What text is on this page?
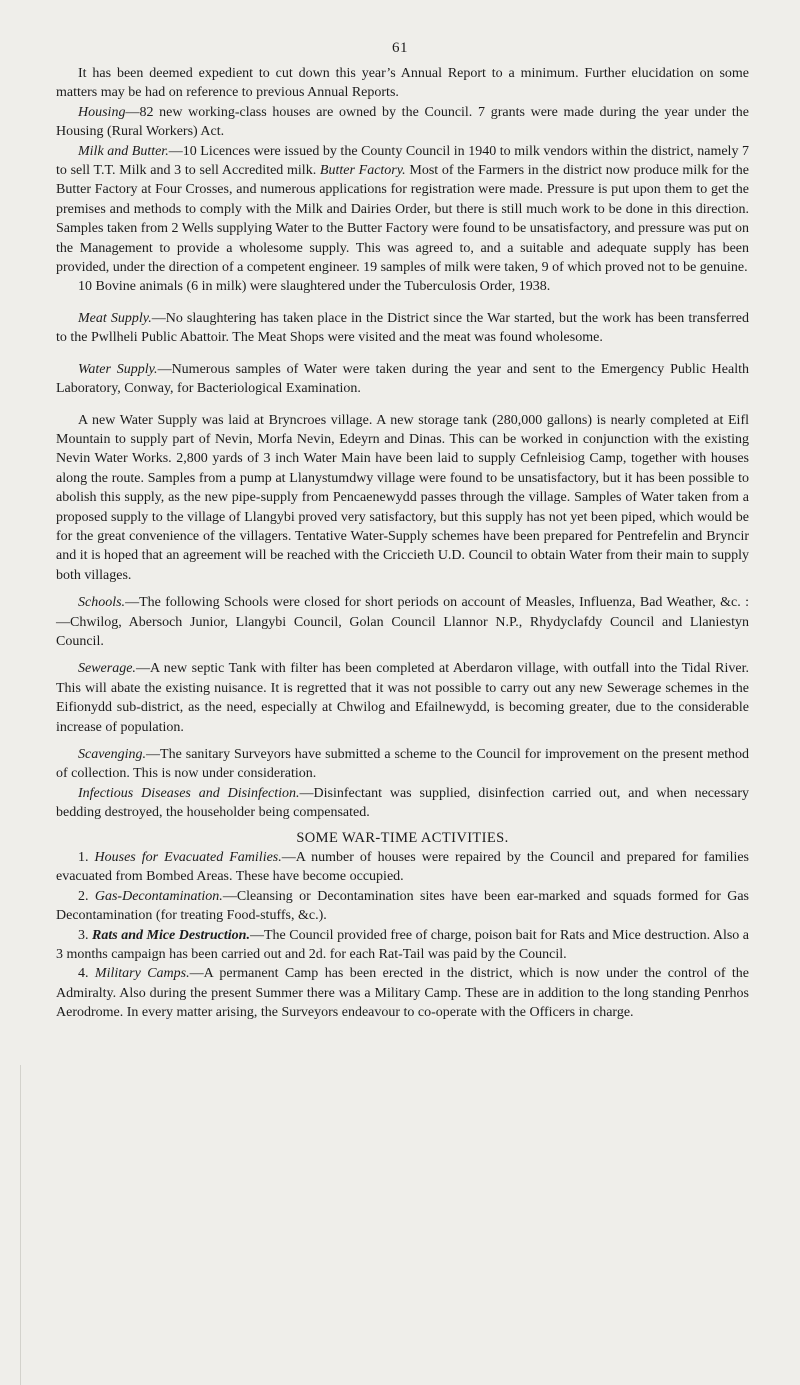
61

It has been deemed expedient to cut down this year’s Annual Report to a minimum. Further elucidation on some matters may be had on reference to previous Annual Reports.

Housing—82 new working-class houses are owned by the Council. 7 grants were made during the year under the Housing (Rural Workers) Act.

Milk and Butter.—10 Licences were issued by the County Council in 1940 to milk vendors within the district, namely 7 to sell T.T. Milk and 3 to sell Accredited milk. Butter Factory. Most of the Farmers in the district now produce milk for the Butter Factory at Four Crosses, and numerous applications for registration were made. Pressure is put upon them to get the premises and methods to comply with the Milk and Dairies Order, but there is still much work to be done in this direction. Samples taken from 2 Wells supplying Water to the Butter Factory were found to be unsatisfactory, and pressure was put on the Management to provide a wholesome supply. This was agreed to, and a suitable and adequate supply has been provided, under the direction of a competent engineer. 19 samples of milk were taken, 9 of which proved not to be genuine.

10 Bovine animals (6 in milk) were slaughtered under the Tuberculosis Order, 1938.

Meat Supply.—No slaughtering has taken place in the District since the War started, but the work has been transferred to the Pwllheli Public Abattoir. The Meat Shops were visited and the meat was found wholesome.

Water Supply.—Numerous samples of Water were taken during the year and sent to the Emergency Public Health Laboratory, Conway, for Bacteriological Examination.

A new Water Supply was laid at Bryncroes village. A new storage tank (280,000 gallons) is nearly completed at Eifl Mountain to supply part of Nevin, Morfa Nevin, Edeyrn and Dinas. This can be worked in conjunction with the existing Nevin Water Works. 2,800 yards of 3 inch Water Main have been laid to supply Cefnleisiog Camp, together with houses along the route. Samples from a pump at Llanystumdwy village were found to be unsatisfactory, but it has been possible to abolish this supply, as the new pipe-supply from Pencaenewydd passes through the village. Samples of Water taken from a proposed supply to the village of Llangybi proved very satisfactory, but this supply has not yet been piped, which would be for the great convenience of the villagers. Tentative Water-Supply schemes have been prepared for Pentrefelin and Bryncir and it is hoped that an agreement will be reached with the Criccieth U.D. Council to obtain Water from their main to supply both villages.

Schools.—The following Schools were closed for short periods on account of Measles, Influenza, Bad Weather, &c. :—Chwilog, Abersoch Junior, Llangybi Council, Golan Council Llannor N.P., Rhydyclafdy Council and Llaniestyn Council.

Sewerage.—A new septic Tank with filter has been completed at Aberdaron village, with outfall into the Tidal River. This will abate the existing nuisance. It is regretted that it was not possible to carry out any new Sewerage schemes in the Eifionydd sub-district, as the need, especially at Chwilog and Efailnewydd, is becoming greater, due to the considerable increase of population.

Scavenging.—The sanitary Surveyors have submitted a scheme to the Council for improvement on the present method of collection. This is now under consideration.

Infectious Diseases and Disinfection.—Disinfectant was supplied, disinfection carried out, and when necessary bedding destroyed, the householder being compensated.

SOME WAR-TIME ACTIVITIES.

1. Houses for Evacuated Families.—A number of houses were repaired by the Council and prepared for families evacuated from Bombed Areas. These have become occupied.

2. Gas-Decontamination.—Cleansing or Decontamination sites have been ear-marked and squads formed for Gas Decontamination (for treating Food-stuffs, &c.).

3. Rats and Mice Destruction.—The Council provided free of charge, poison bait for Rats and Mice destruction. Also a 3 months campaign has been carried out and 2d. for each Rat-Tail was paid by the Council.

4. Military Camps.—A permanent Camp has been erected in the district, which is now under the control of the Admiralty. Also during the present Summer there was a Military Camp. These are in addition to the long standing Penrhos Aerodrome. In every matter arising, the Surveyors endeavour to co-operate with the Officers in charge.
